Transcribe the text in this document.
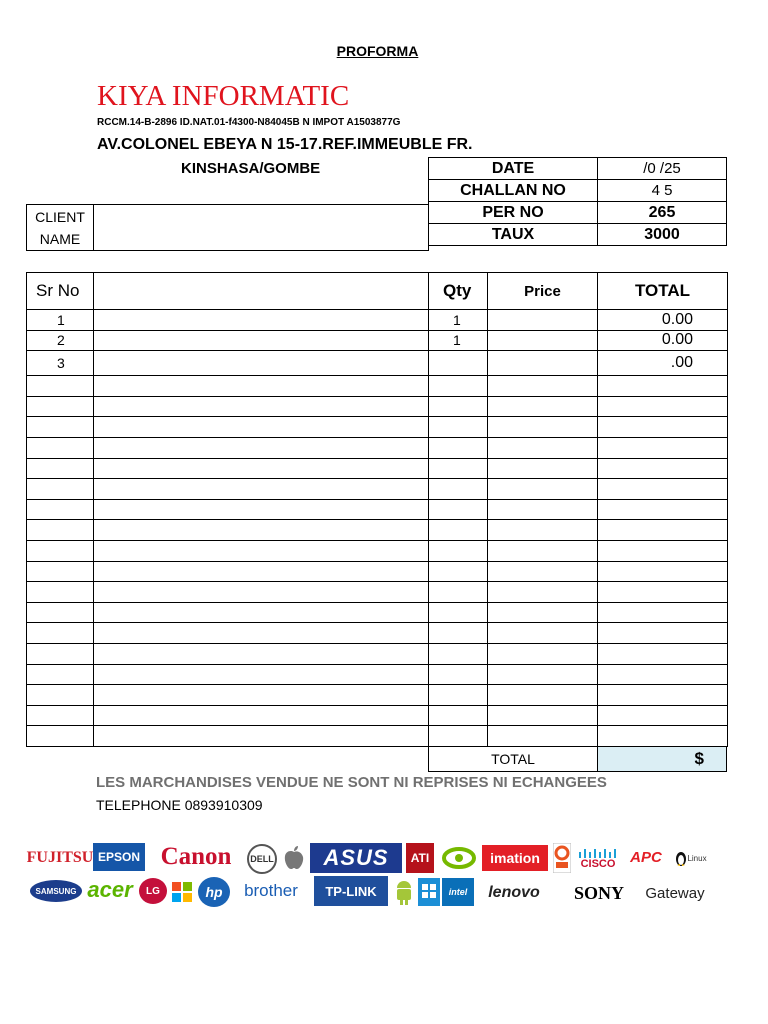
PROFORMA
KIYA INFORMATIC
RCCM.14-B-2896 ID.NAT.01-f4300-N84045B N IMPOT A1503877G
AV.COLONEL EBEYA N 15-17.REF.IMMEUBLE FR.
KINSHASA/GOMBE	DATE	/0 /25
CHALLAN NO	4 5
PER NO	265
TAUX	3000
CLIENT
NAME

Sr No		Qty	Price	TOTAL
1		1		0.00
2		1		0.00
3				.00

TOTAL	$
LES MARCHANDISES VENDUE NE SONT NI REPRISES NI ECHANGEES
TELEPHONE 0893910309
FUJITSU EPSON Canon	DELL	ASUS	ATI	imation	CISCO APC	Linux
SAMSUNG acer	LG	hp	brother	TP-LINK	intel	lenovo	SONY	Gateway
